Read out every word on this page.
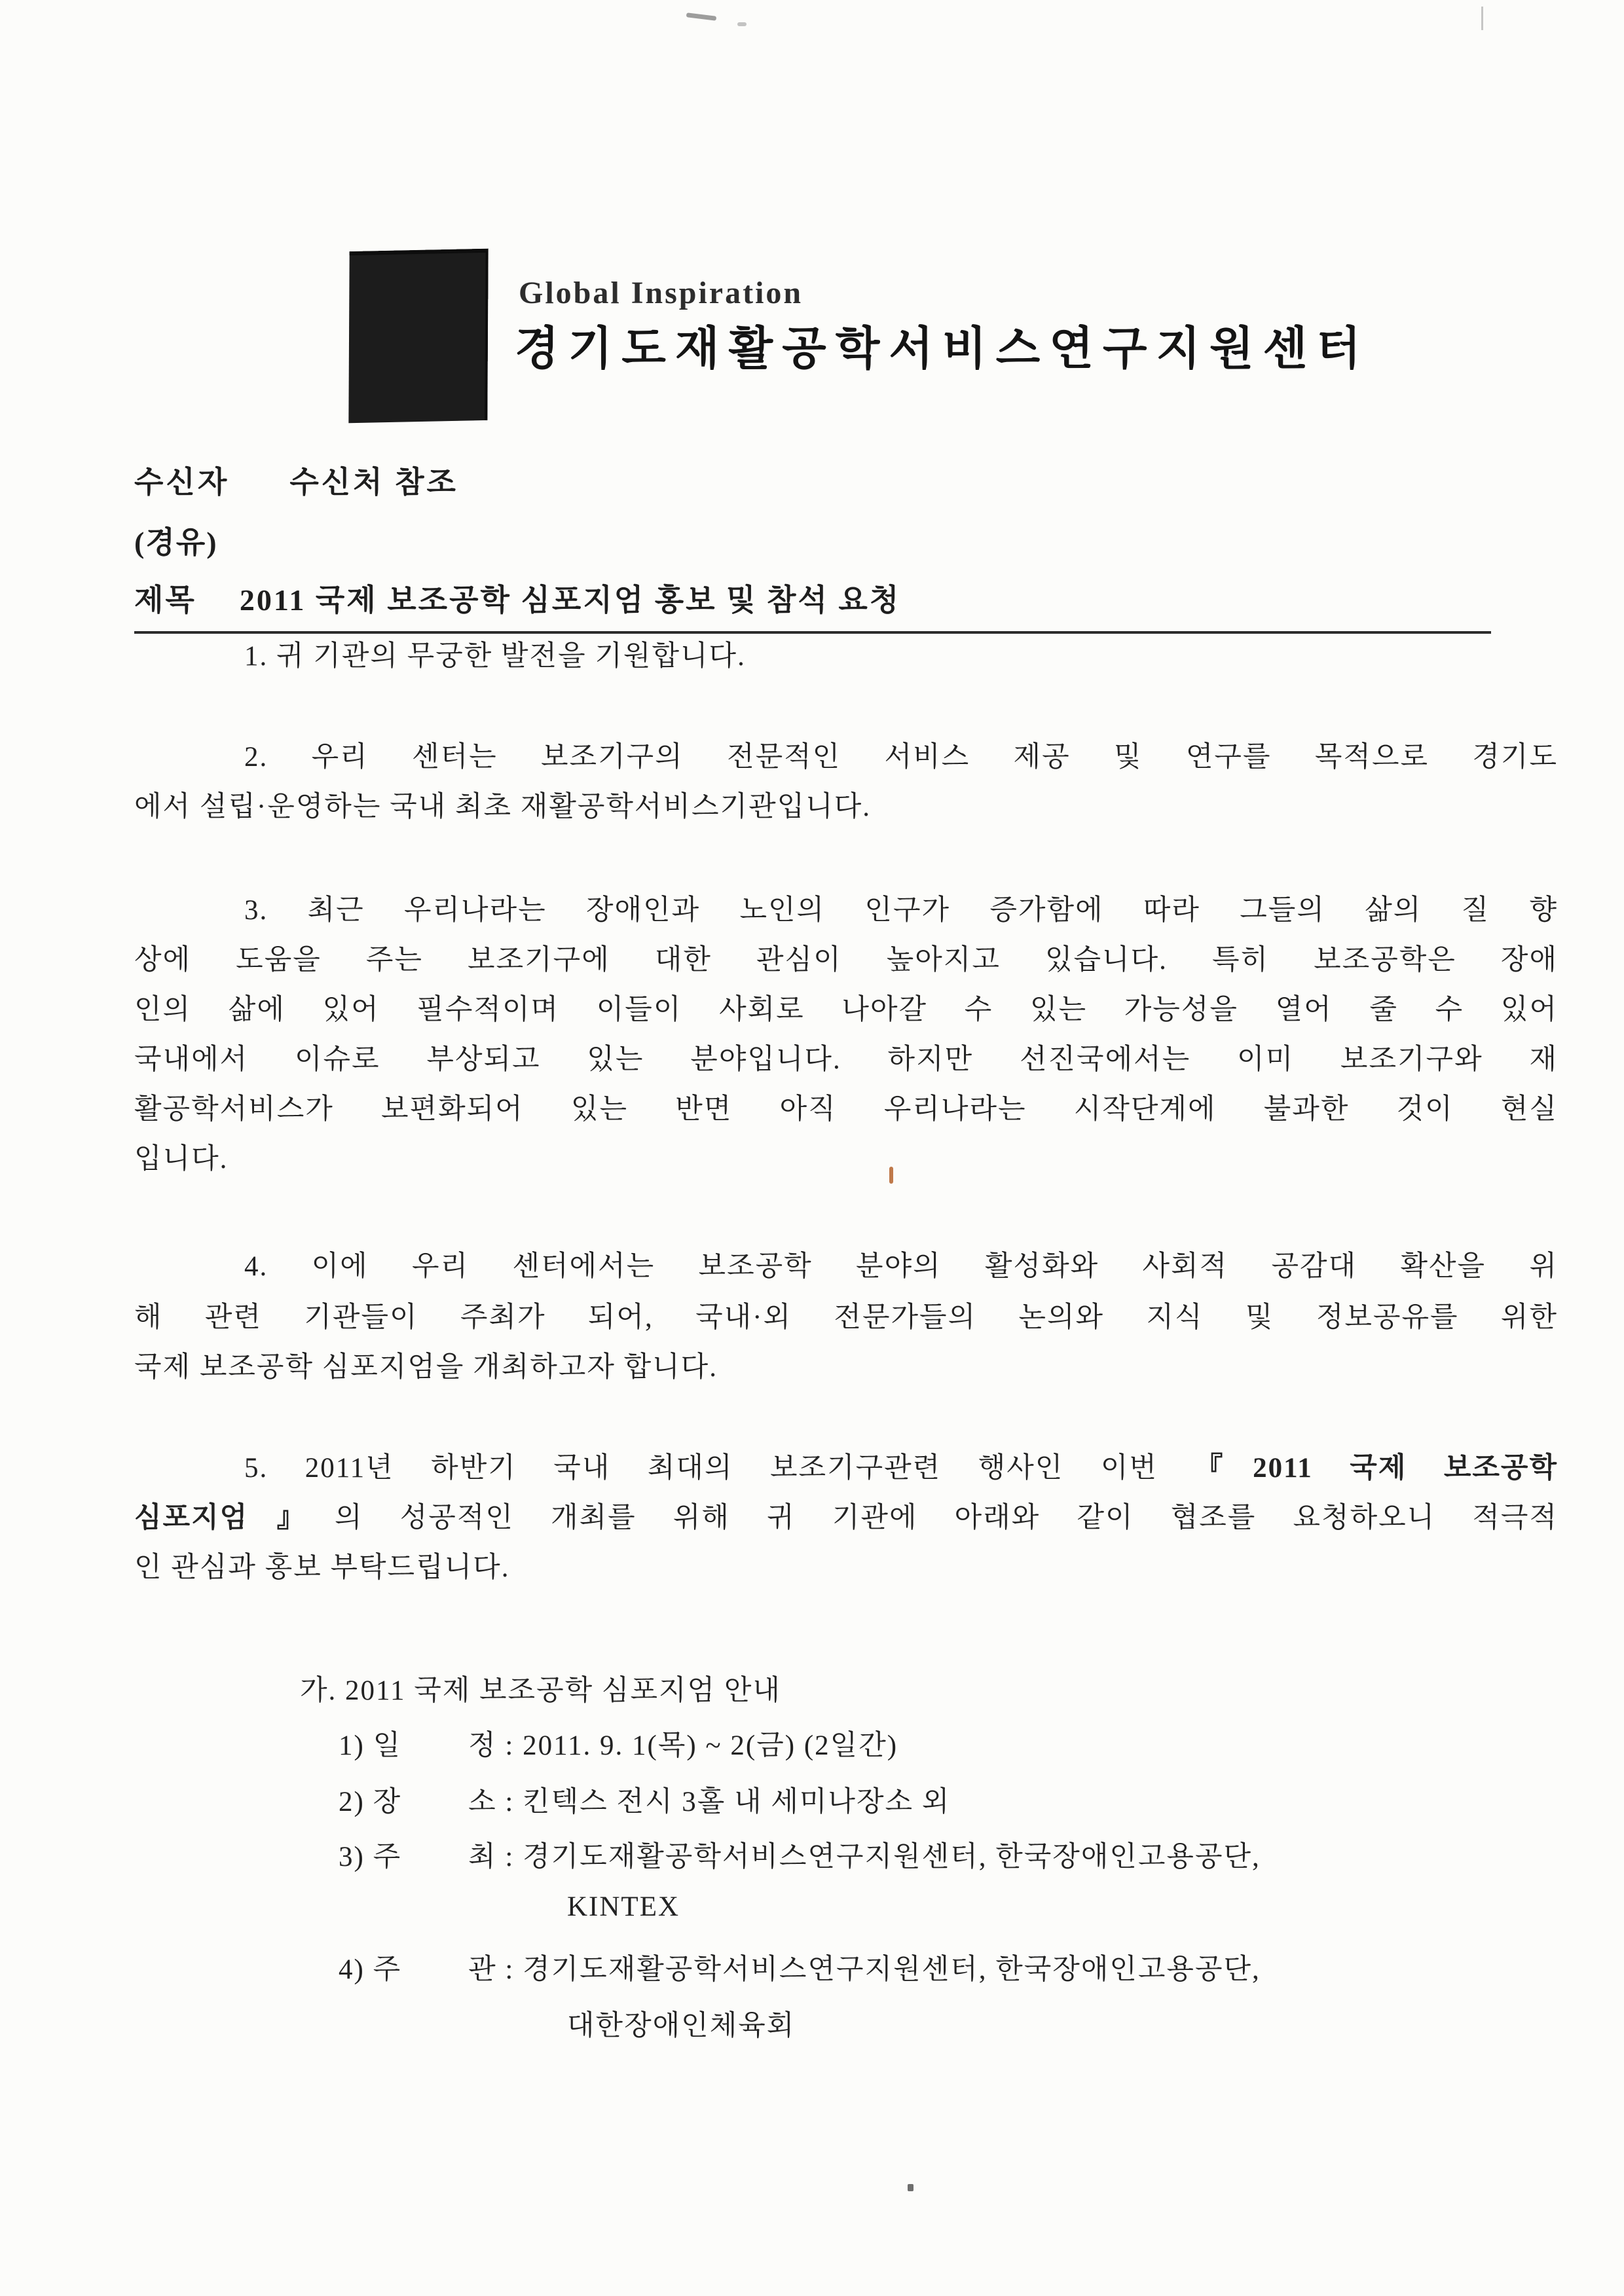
Global Inspiration
경기도재활공학서비스연구지원센터
수신자 수신처 참조
(경유)
제목 2011 국제 보조공학 심포지엄 홍보 및 참석 요청
1. 귀 기관의 무궁한 발전을 기원합니다.
2. 우리 센터는 보조기구의 전문적인 서비스 제공 및 연구를 목적으로 경기도
에서 설립·운영하는 국내 최초 재활공학서비스기관입니다.
3. 최근 우리나라는 장애인과 노인의 인구가 증가함에 따라 그들의 삶의 질 향
상에 도움을 주는 보조기구에 대한 관심이 높아지고 있습니다. 특히 보조공학은 장애
인의 삶에 있어 필수적이며 이들이 사회로 나아갈 수 있는 가능성을 열어 줄 수 있어
국내에서 이슈로 부상되고 있는 분야입니다. 하지만 선진국에서는 이미 보조기구와 재
활공학서비스가 보편화되어 있는 반면 아직 우리나라는 시작단계에 불과한 것이 현실
입니다.
4. 이에 우리 센터에서는 보조공학 분야의 활성화와 사회적 공감대 확산을 위
해 관련 기관들이 주최가 되어, 국내·외 전문가들의 논의와 지식 및 정보공유를 위한
국제 보조공학 심포지엄을 개최하고자 합니다.
5. 2011년 하반기 국내 최대의 보조기구관련 행사인 이번 『2011 국제 보조공학
심포지엄』의 성공적인 개최를 위해 귀 기관에 아래와 같이 협조를 요청하오니 적극적
인 관심과 홍보 부탁드립니다.
가. 2011 국제 보조공학 심포지엄 안내
1) 일        정 : 2011. 9. 1(목) ~ 2(금) (2일간)
2) 장        소 : 킨텍스 전시 3홀 내 세미나장소 외
3) 주        최 : 경기도재활공학서비스연구지원센터, 한국장애인고용공단,
KINTEX
4) 주        관 : 경기도재활공학서비스연구지원센터, 한국장애인고용공단,
대한장애인체육회
